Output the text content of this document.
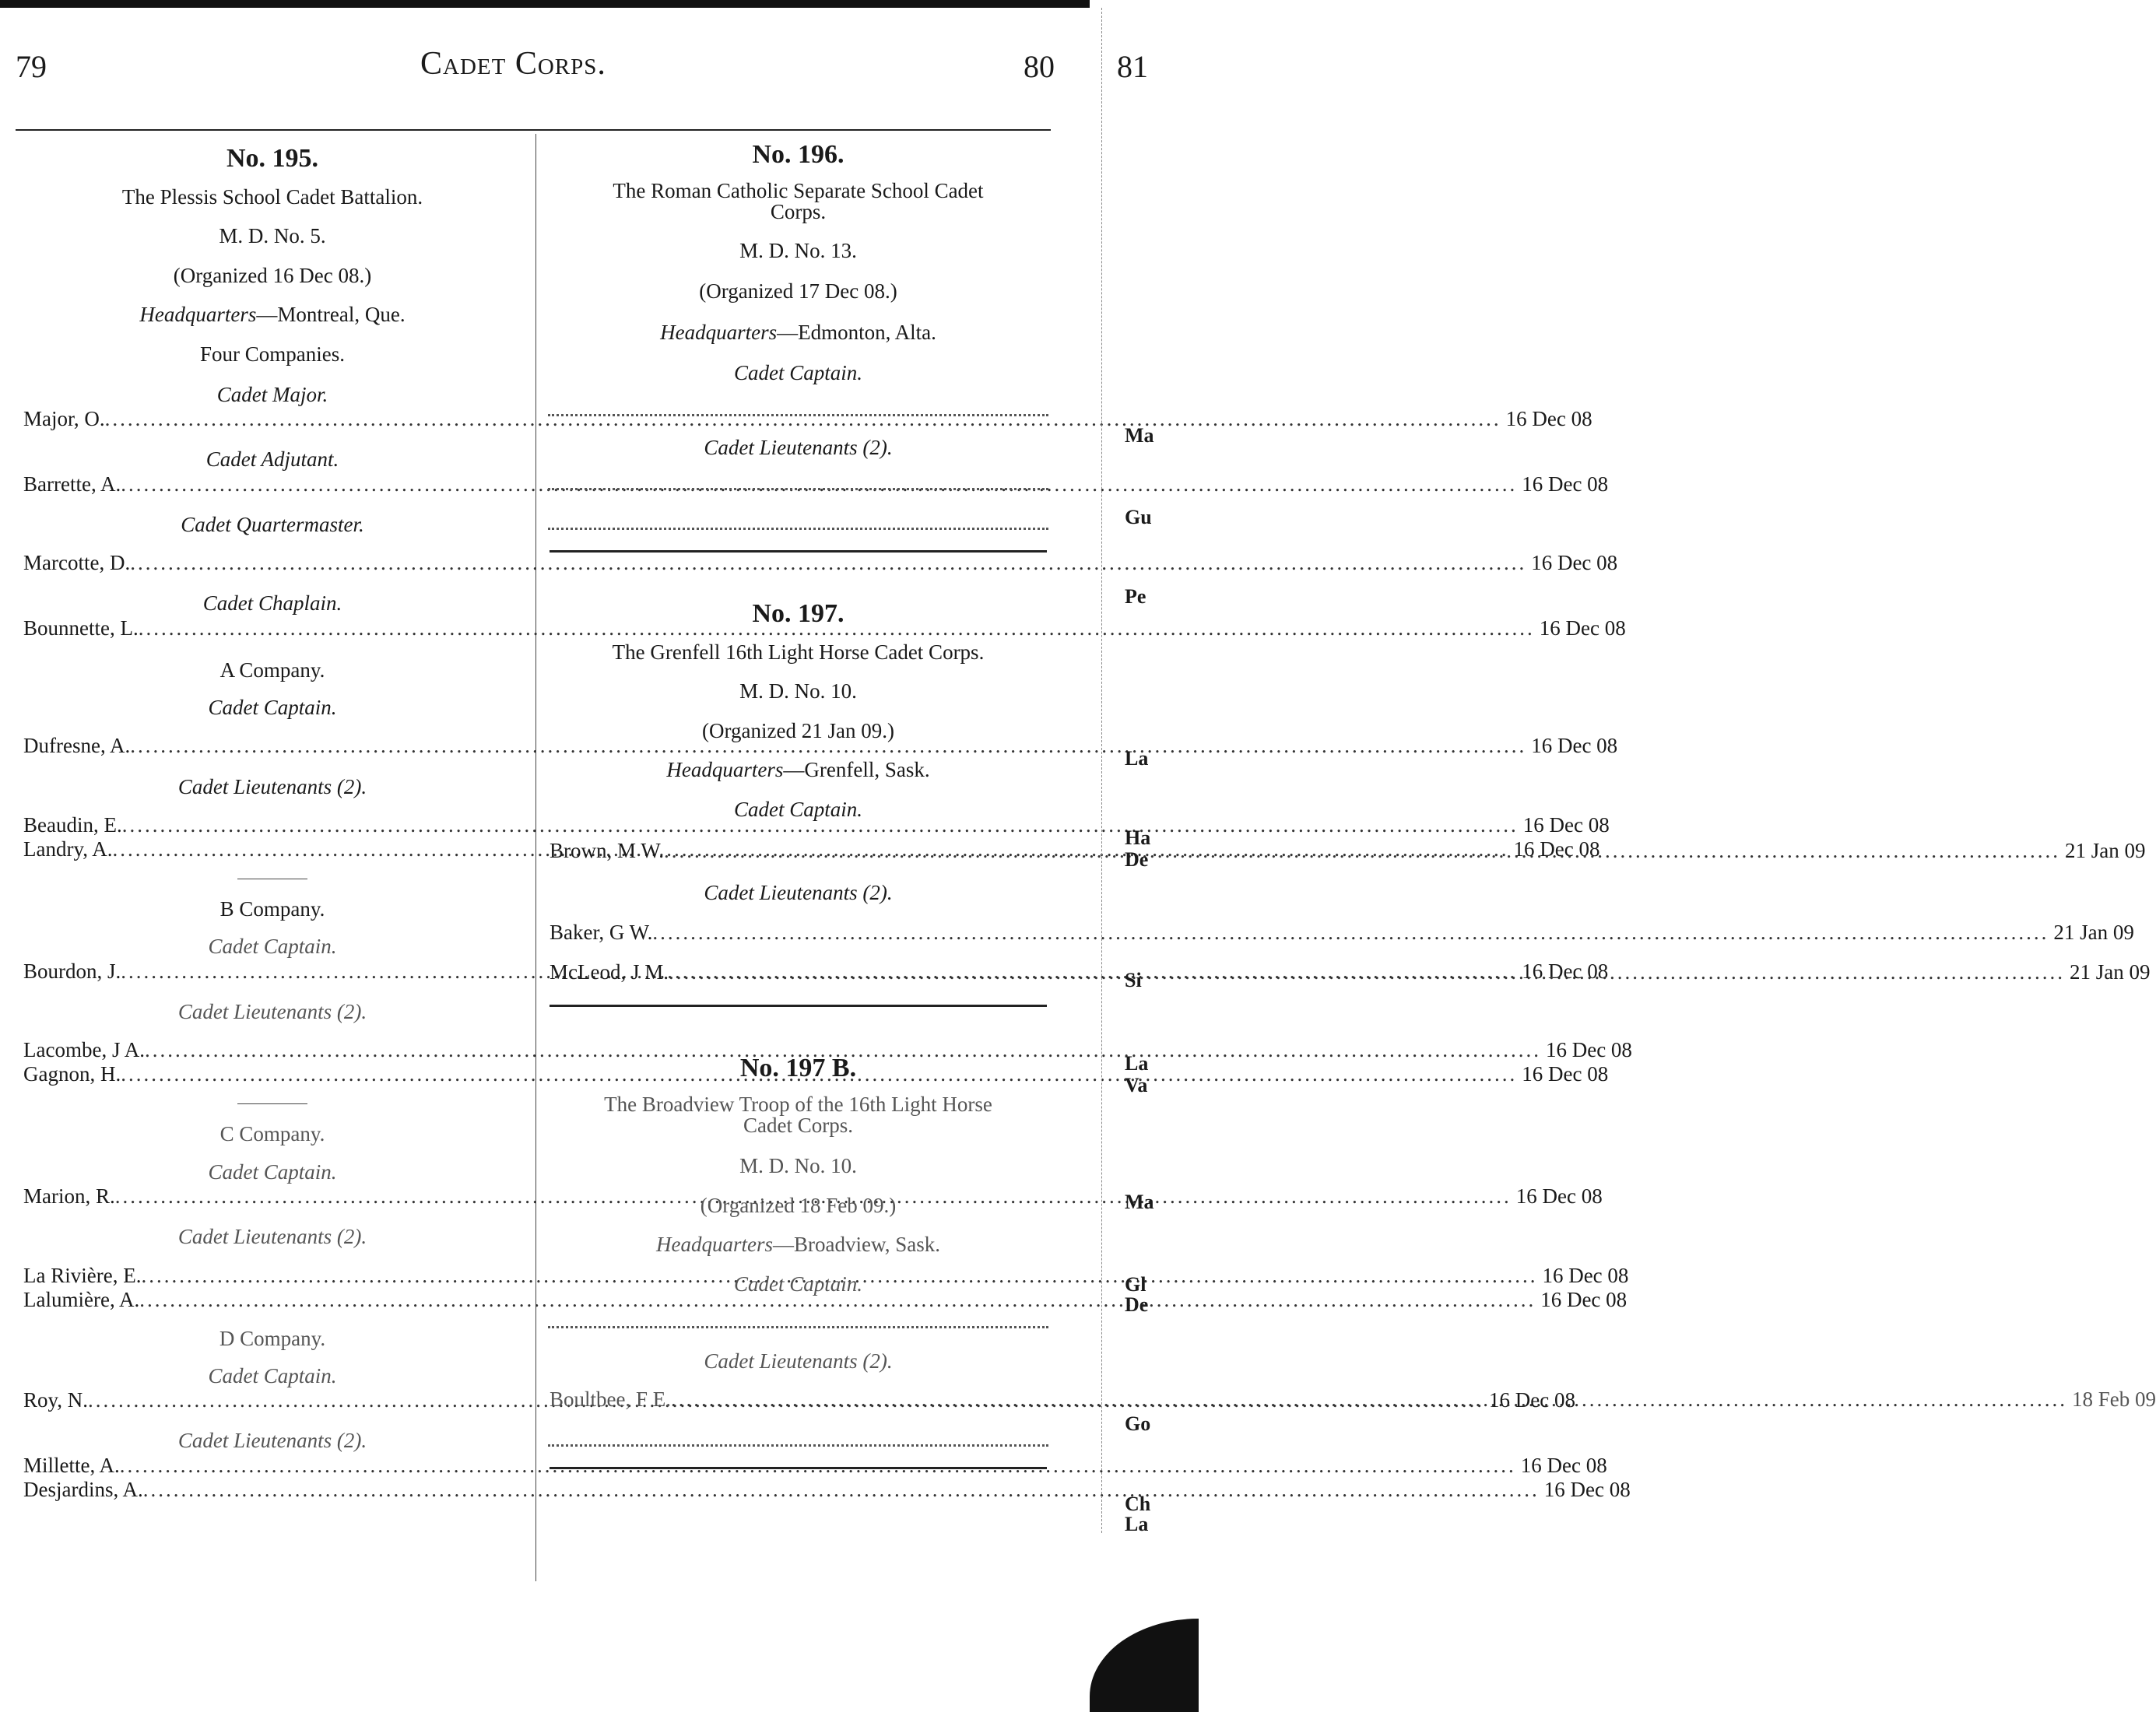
79	Cadet Corps.	80 81
No. 195.
The Plessis School Cadet Battalion.
M. D. No. 5.
(Organized 16 Dec 08.)
Headquarters—Montreal, Que.
Four Companies.
Cadet Major.
Major, O. .....	16 Dec 08
Cadet Adjutant.
Barrette, A. .....	16 Dec 08
Cadet Quartermaster.
Marcotte, D. .....	16 Dec 08
Cadet Chaplain.
Bounnette, L. .....	16 Dec 08
A Company.
Cadet Captain.
Dufresne, A. .....	16 Dec 08
Cadet Lieutenants (2).
Beaudin, E. .....	16 Dec 08
Landry, A. .....	16 Dec 08
B Company.
Cadet Captain.
Bourdon, J. .....	16 Dec 08
Cadet Lieutenants (2).
Lacombe, J A. .....	16 Dec 08
Gagnon, H. .....	16 Dec 08
C Company.
Cadet Captain.
Marion, R. .....	16 Dec 08
Cadet Lieutenants (2).
La Rivière, E. .....	16 Dec 08
Lalumière, A. .....	16 Dec 08
D Company.
Cadet Captain.
Roy, N. .....	16 Dec 08
Cadet Lieutenants (2).
Millette, A. .....	16 Dec 08
Desjardins, A. .....	16 Dec 08
No. 196.
The Roman Catholic Separate School Cadet
Corps.
M. D. No. 13.
(Organized 17 Dec 08.)
Headquarters—Edmonton, Alta.
Cadet Captain.
Cadet Lieutenants (2).
No. 197.
The Grenfell 16th Light Horse Cadet Corps.
M. D. No. 10.
(Organized 21 Jan 09.)
Headquarters—Grenfell, Sask.
Cadet Captain.
Brown, M W. .....	21 Jan 09
Cadet Lieutenants (2).
Baker, G W. .....	21 Jan 09
McLeod, J M. .....	21 Jan 09
No. 197 B.
The Broadview Troop of the 16th Light Horse
Cadet Corps.
M. D. No. 10.
(Organized 18 Feb 09.)
Headquarters—Broadview, Sask.
Cadet Captain.
Cadet Lieutenants (2).
Boultbee, F E. .....	18 Feb 09
Ma
Gu
Pe
La
Ha
De
Si
La
Va
Ma
Gl
De
Go
Ch
La
